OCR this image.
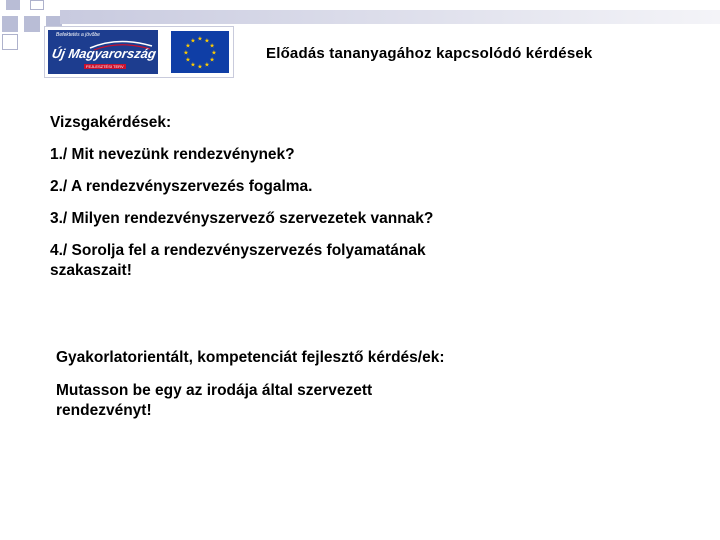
Befektetés a jövőbe
Új Magyarország
FEJLESZTÉSI TERV
★
★
★
★
★
★
★
★
★ ★ ★
★	Előadás tananyagához kapcsolódó kérdések

Vizsgakérdések:

1./ Mit nevezünk rendezvénynek?

2./ A rendezvényszervezés fogalma.

3./ Milyen rendezvényszervező szervezetek vannak?

4./ Sorolja fel a rendezvényszervezés folyamatának szakaszait!

Gyakorlatorientált, kompetenciát fejlesztő kérdés/ek:

Mutasson be egy az irodája által szervezett rendezvényt!
